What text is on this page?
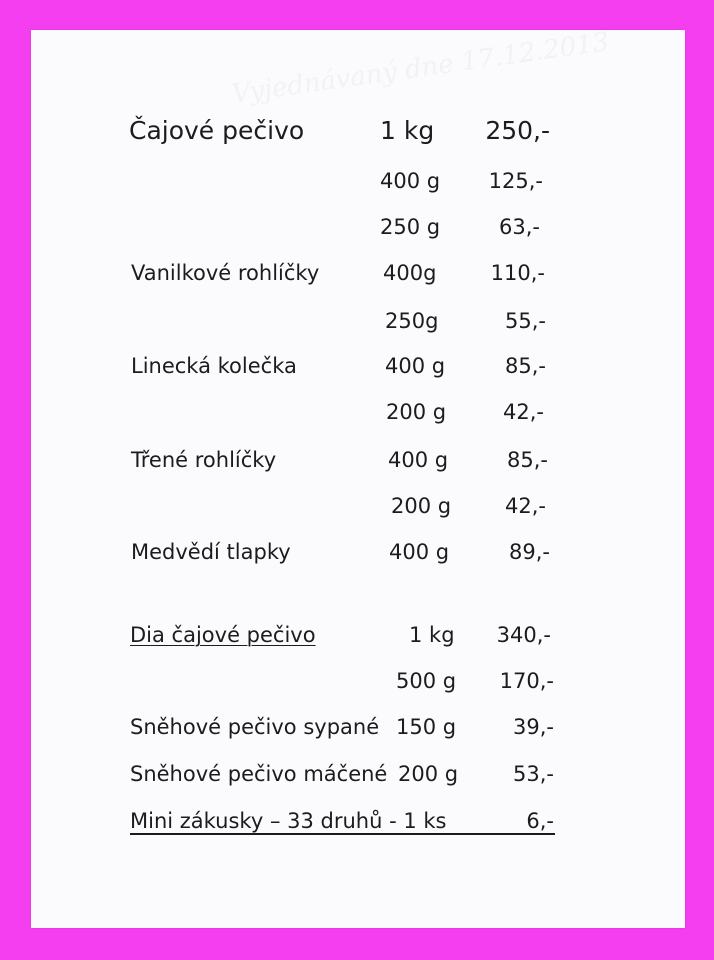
Vyjednávaný dne 17.12.2013
Čajové pečivo	1 kg 250,-
400 g 125,-
250 g	63,-
Vanilkové rohlíčky	400g	110,-
250g	55,-
Linecká kolečka	400 g	85,-
200 g	42,-
Třené rohlíčky	400 g	85,-
200 g	42,-
Medvědí tlapky	400 g	89,-
Dia čajové pečivo	1 kg 340,-
500 g 170,-
Sněhové pečivo sypané 150 g	39,-
Sněhové pečivo máčené 200 g	53,-
Mini zákusky – 33 druhů - 1 ks	6,-
